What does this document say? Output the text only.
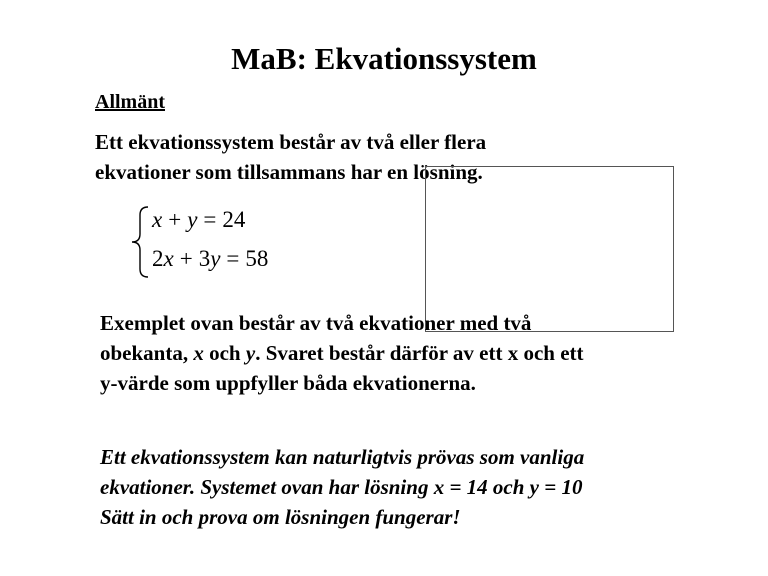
MaB: Ekvationssystem
Allmänt
Ett ekvationssystem består av två eller flera
ekvationer som tillsammans har en lösning.
x + y = 24
2x + 3y = 58
Exemplet ovan består av två ekvationer med två
obekanta, x och y. Svaret består därför av ett x och ett
y-värde som uppfyller båda ekvationerna.
Ett ekvationssystem kan naturligtvis prövas som vanliga
ekvationer. Systemet ovan har lösning x = 14 och y = 10
Sätt in och prova om lösningen fungerar!
